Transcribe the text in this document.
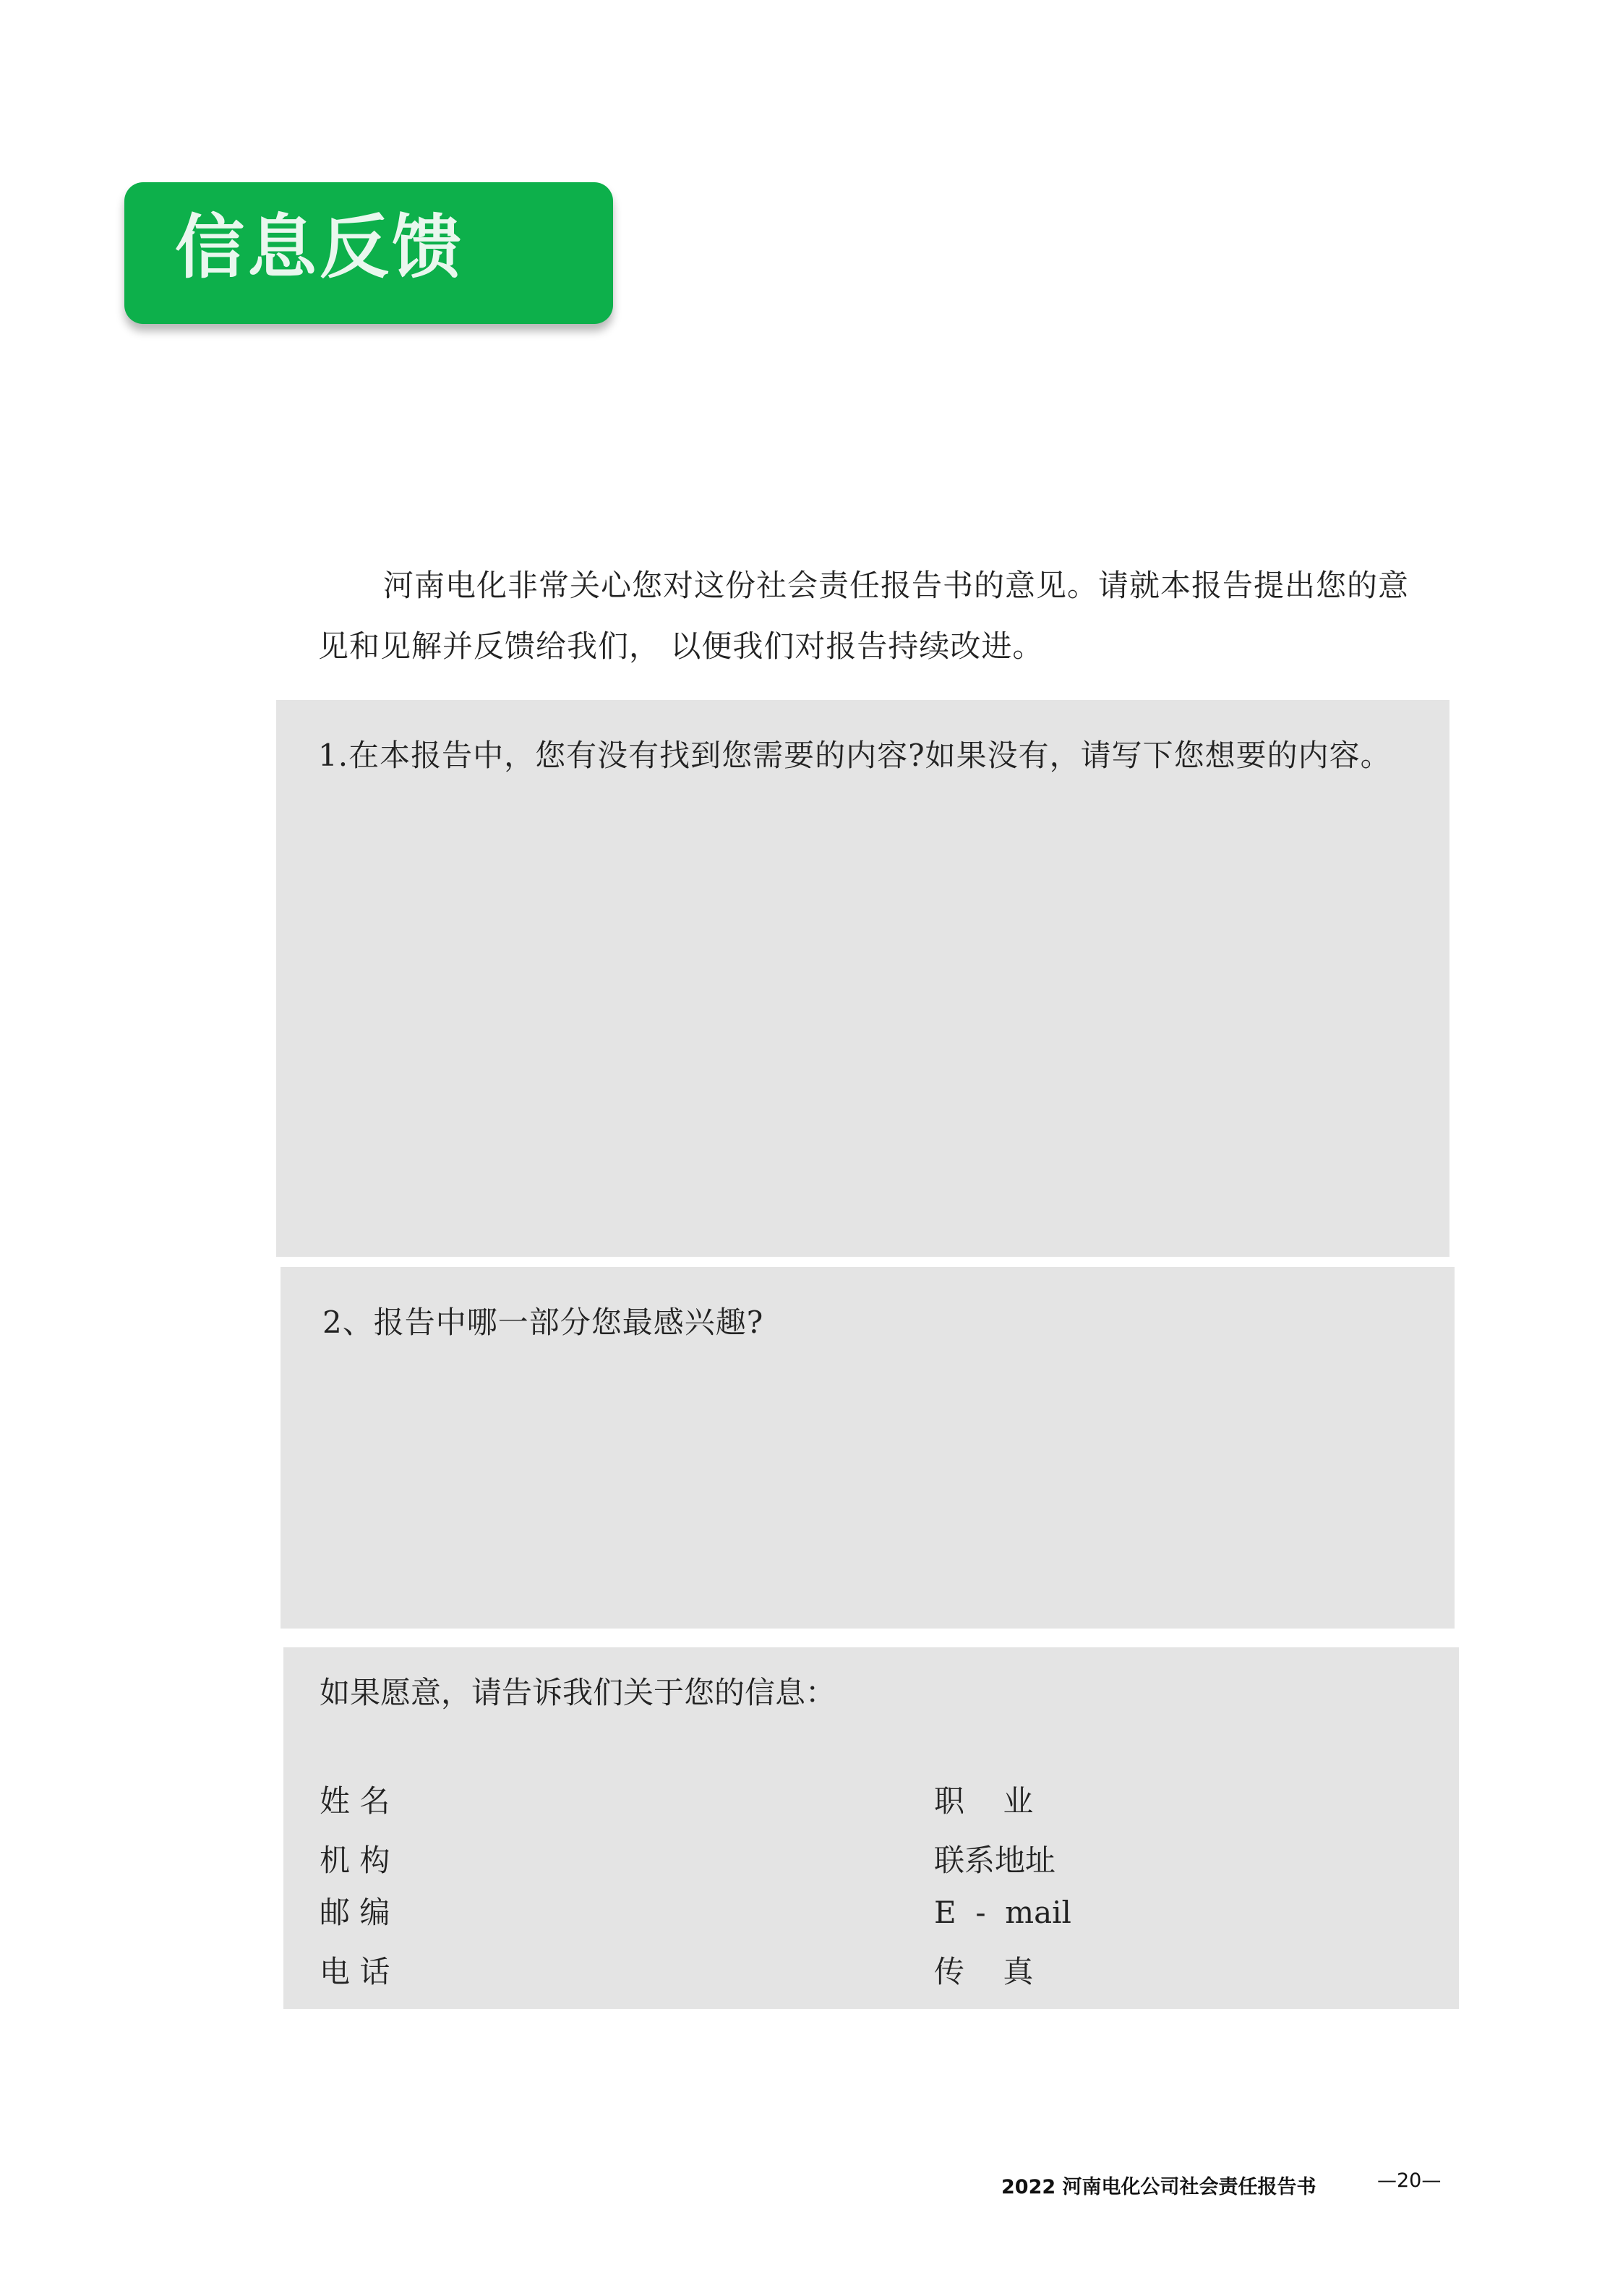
信息反馈
河南电化非常关心您对这份社会责任报告书的意见。请就本报告提出您的意见和见解并反馈给我们， 以便我们对报告持续改进。
1.在本报告中，您有没有找到您需要的内容?如果没有，请写下您想要的内容。
2、报告中哪一部分您最感兴趣?
如果愿意，请告诉我们关于您的信息：
姓 名	职    业
机 构	联系地址
邮 编	E  -  mail
电 话	传    真
2022 河南电化公司社会责任报告书	—20—
